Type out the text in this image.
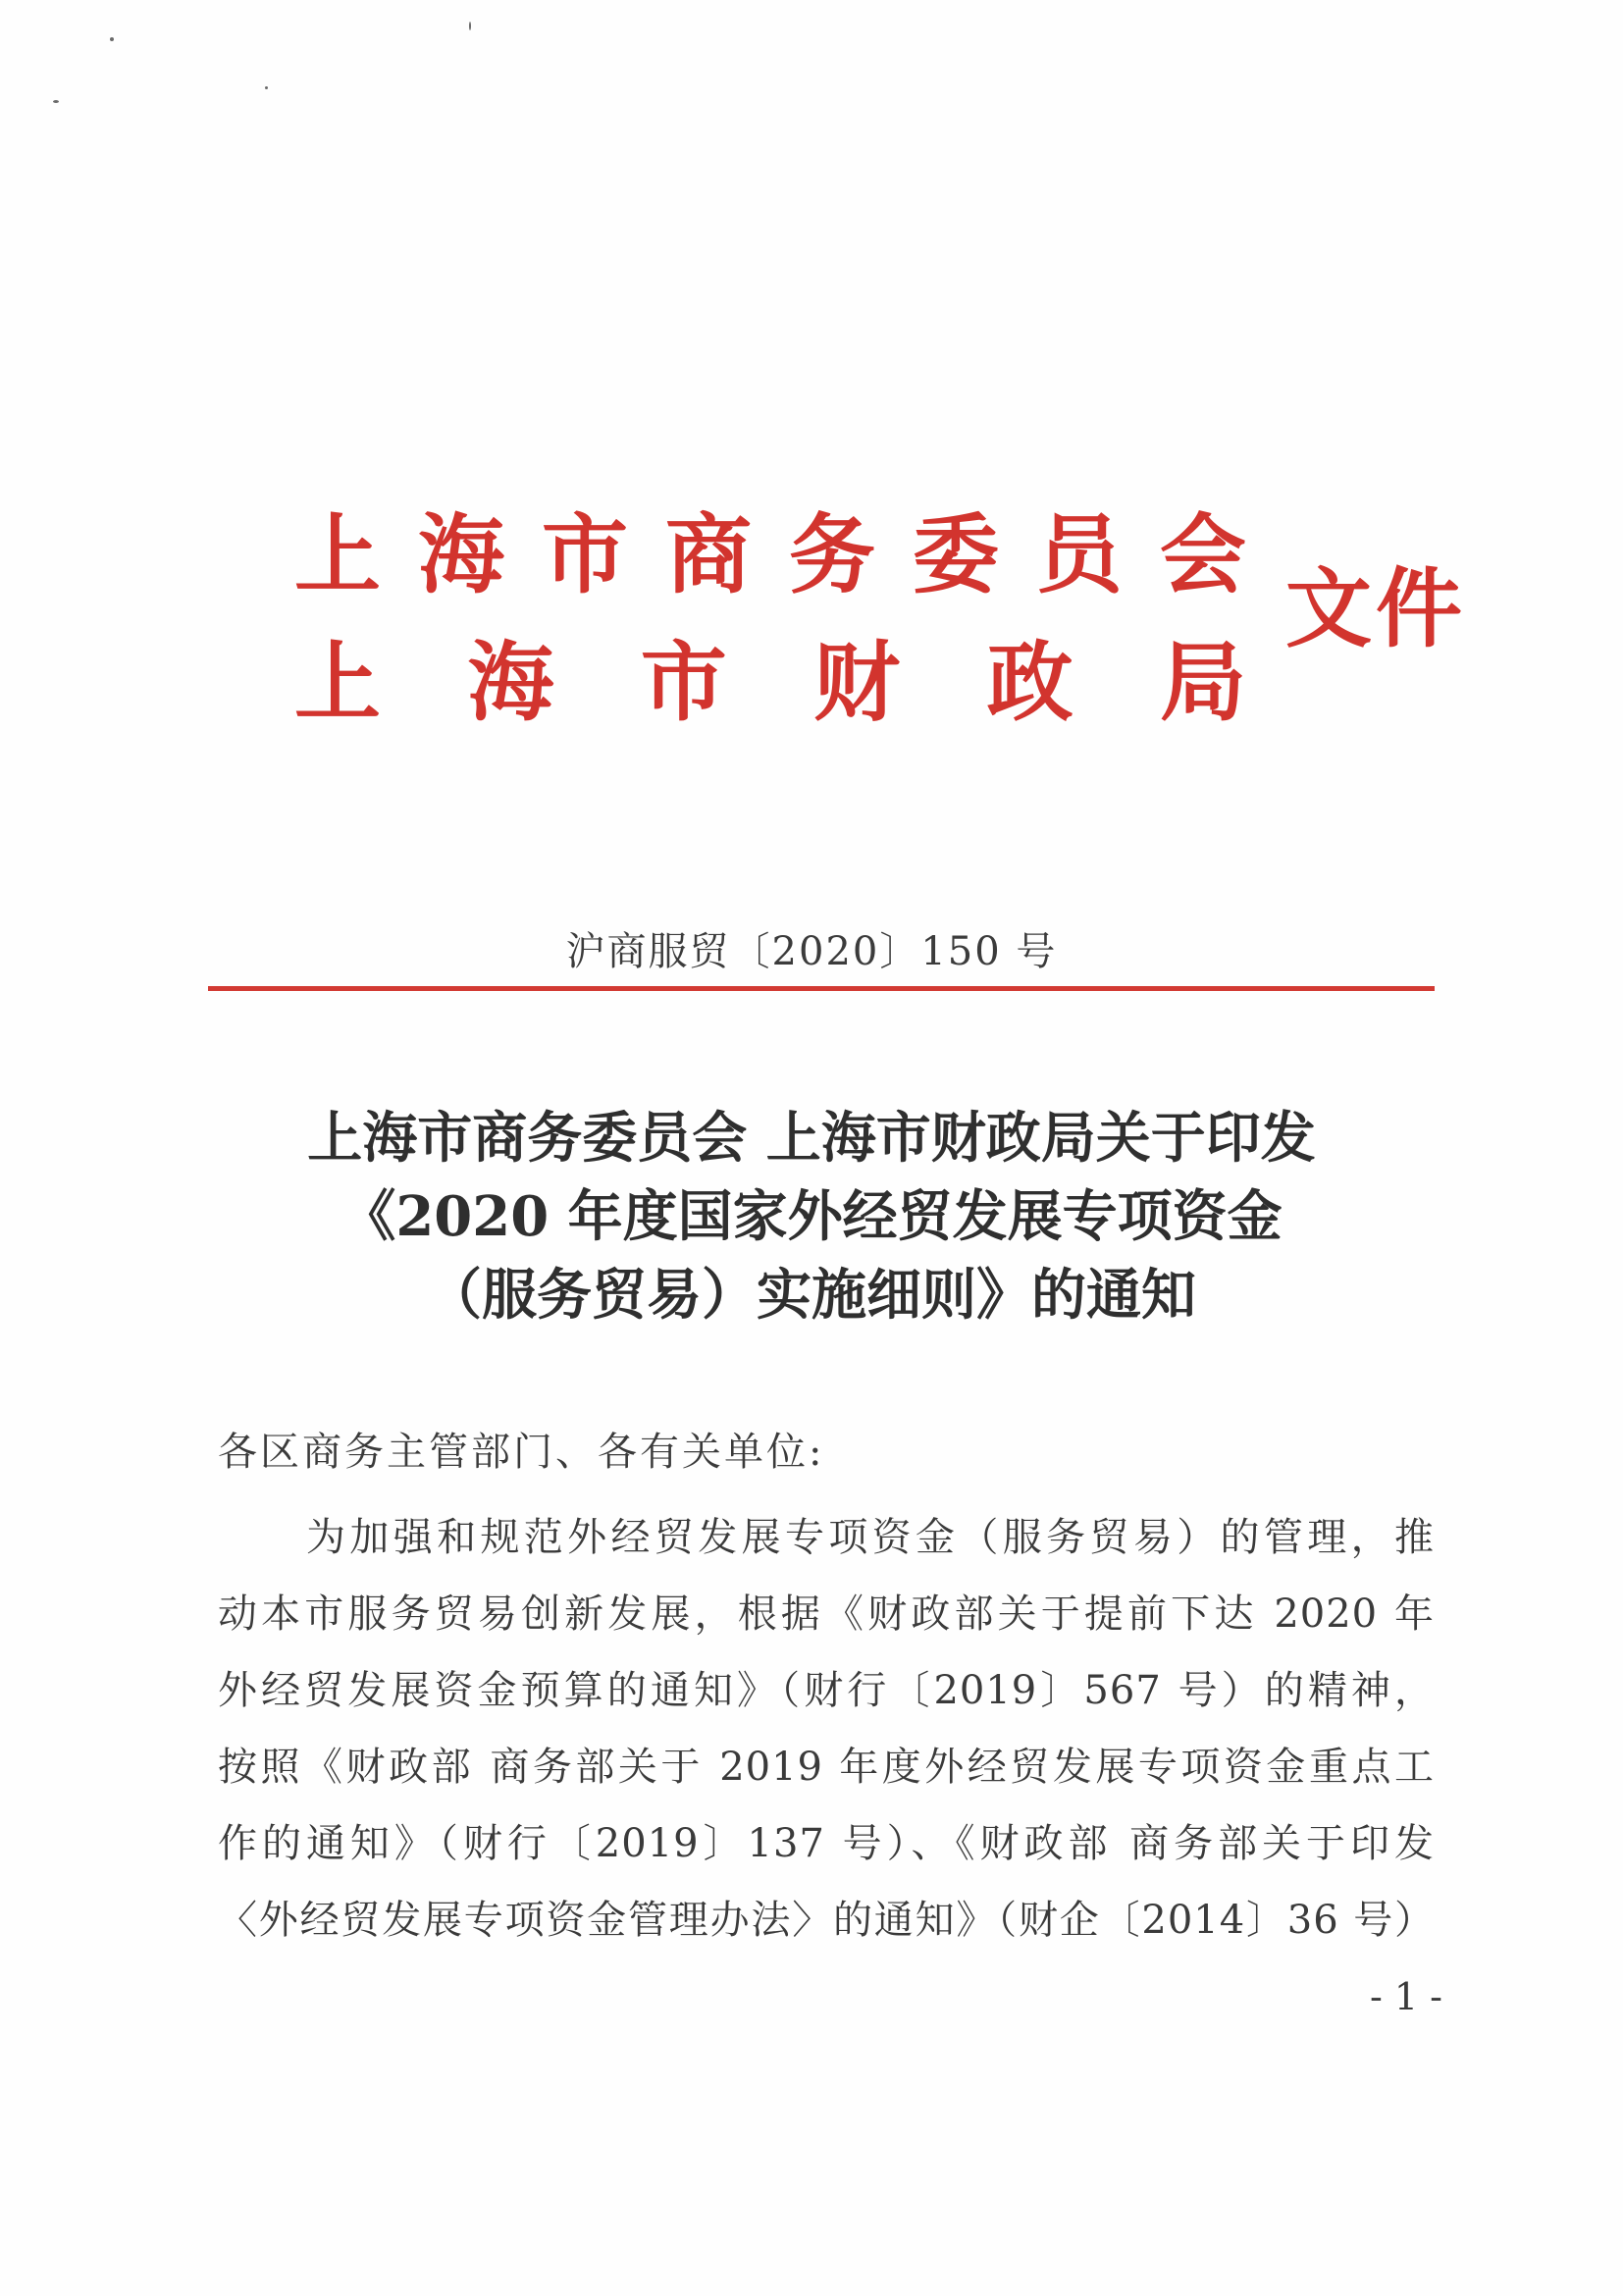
上 海 市 商 务 委 员 会
上 海 市 财 政 局
文件
沪商服贸〔2020〕150 号
上海市商务委员会 上海市财政局关于印发
《2020 年度国家外经贸发展专项资金
（服务贸易）实施细则》的通知
各区商务主管部门、各有关单位:
为加强和规范外经贸发展专项资金（服务贸易）的管理，推
动本市服务贸易创新发展，根据《财政部关于提前下达 2020 年
外经贸发展资金预算的通知》（财行〔2019〕567 号）的精神，
按照《财政部 商务部关于 2019 年度外经贸发展专项资金重点工
作的通知》（财行〔2019〕137 号）、《财政部 商务部关于印发
〈外经贸发展专项资金管理办法〉的通知》（财企〔2014〕36 号）
- 1 -
